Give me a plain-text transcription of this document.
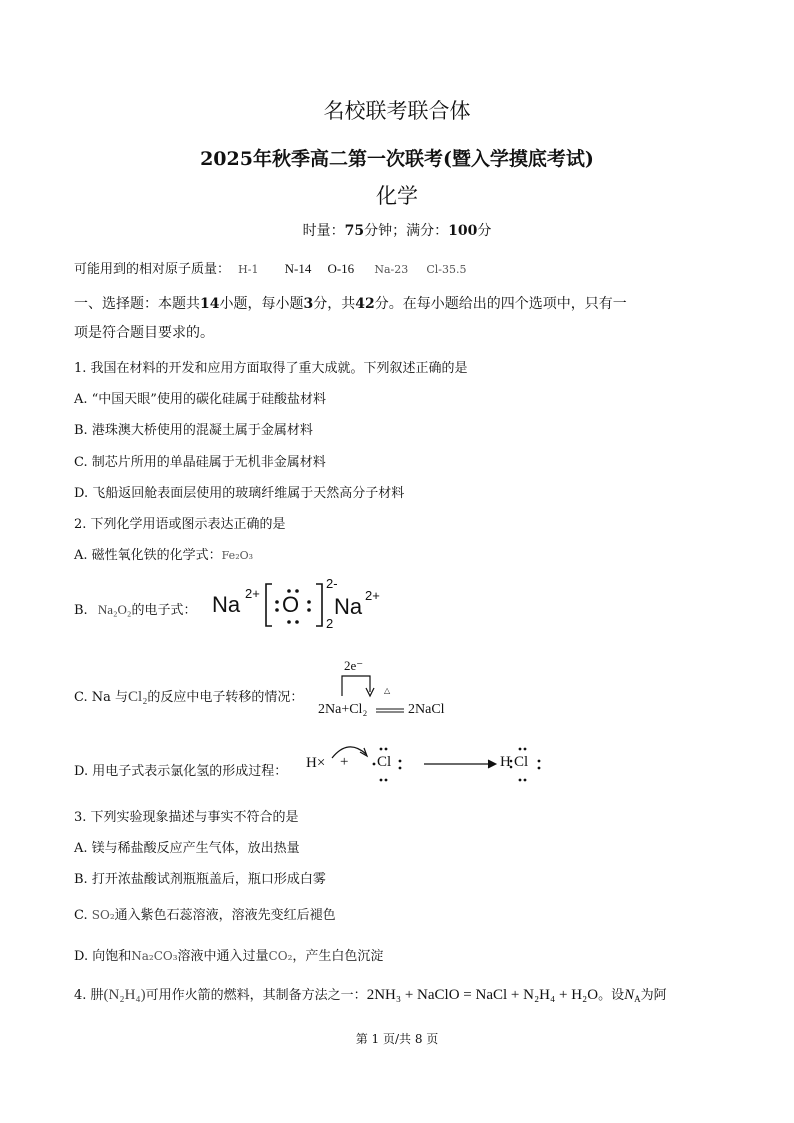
名校联考联合体
2025年秋季高二第一次联考(暨入学摸底考试)
化学
时量：75分钟；满分：100分
可能用到的相对原子质量： H-1 N-14 O-16 Na-23 Cl-35.5
一、选择题：本题共14小题，每小题3分，共42分。在每小题给出的四个选项中，只有一
项是符合题目要求的。
1. 我国在材料的开发和应用方面取得了重大成就。下列叙述正确的是
A. “中国天眼”使用的碳化硅属于硅酸盐材料
B. 港珠澳大桥使用的混凝土属于金属材料
C. 制芯片所用的单晶硅属于无机非金属材料
D. 飞船返回舱表面层使用的玻璃纤维属于天然高分子材料
2. 下列化学用语或图示表达正确的是
A. 磁性氧化铁的化学式：Fe₂O₃
B. Na₂O₂的电子式： Na 2+ O
2
2-
Na 2+
C. Na 与Cl₂的反应中电子转移的情况：
2e⁻
△
2Na+Cl₂	2NaCl
D. 用电子式表示氯化氢的形成过程：
H× + Cl	H Cl
3. 下列实验现象描述与事实不符合的是
A. 镁与稀盐酸反应产生气体，放出热量
B. 打开浓盐酸试剂瓶瓶盖后，瓶口形成白雾
C. SO₂通入紫色石蕊溶液，溶液先变红后褪色
D. 向饱和Na₂CO₃溶液中通入过量CO₂，产生白色沉淀
4. 肼(N₂H₄)可用作火箭的燃料，其制备方法之一：2NH₃ + NaClO = NaCl + N₂H₄ + H₂O。设$N_A$为阿
第 1 页/共 8 页
